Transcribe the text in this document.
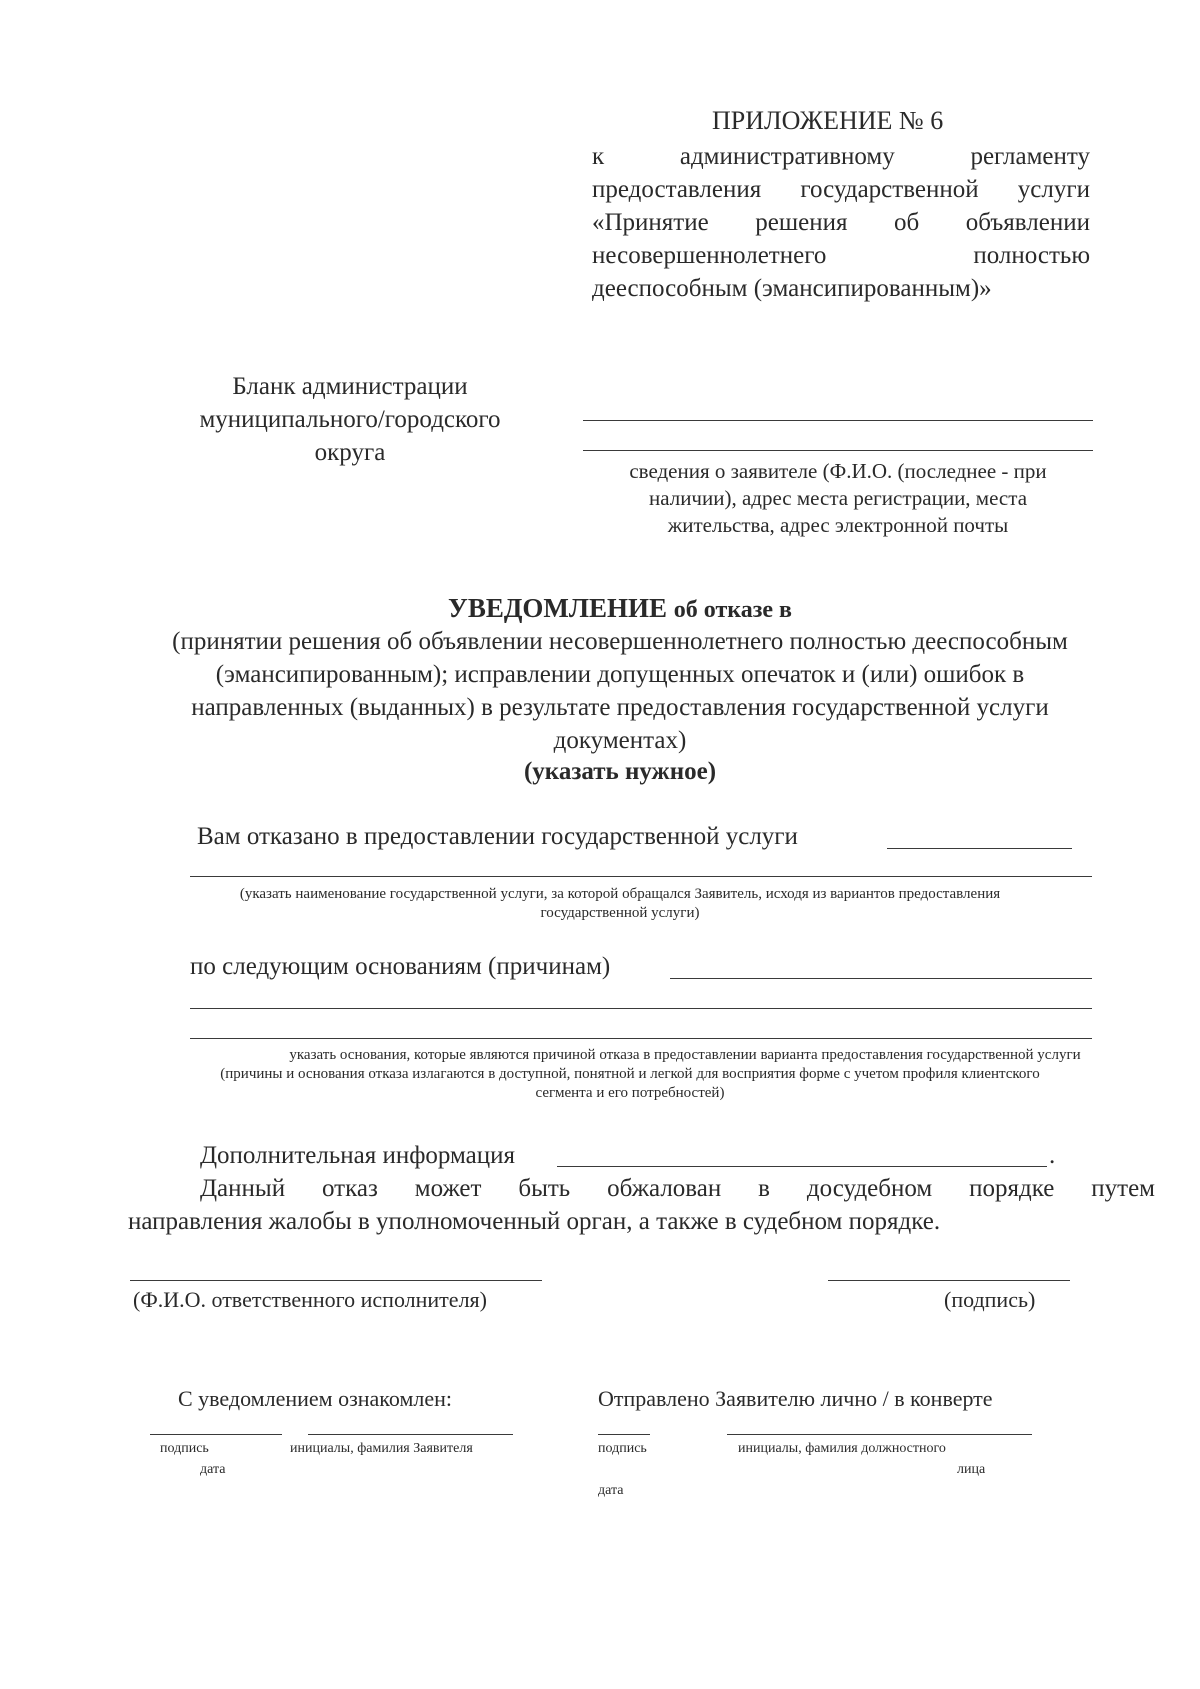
ПРИЛОЖЕНИЕ № 6
к административному регламенту
предоставления государственной услуги
«Принятие решения об объявлении
несовершеннолетнего полностью
дееспособным (эмансипированным)»
Бланк администрации
муниципального/городского
округа
сведения о заявителе (Ф.И.О. (последнее - при
наличии), адрес места регистрации, места
жительства, адрес электронной почты
УВЕДОМЛЕНИЕ об отказе в
(принятии решения об объявлении несовершеннолетнего полностью дееспособным
(эмансипированным); исправлении допущенных опечаток и (или) ошибок в
направленных (выданных) в результате предоставления государственной услуги
документах)
(указать нужное)
Вам отказано в предоставлении государственной услуги
(указать наименование государственной услуги, за которой обращался Заявитель, исходя из вариантов предоставления
государственной услуги)
по следующим основаниям (причинам)
указать основания, которые являются причиной отказа в предоставлении варианта предоставления государственной услуги
(причины и основания отказа излагаются в доступной, понятной и легкой для восприятия форме с учетом профиля клиентского
сегмента и его потребностей)
Дополнительная информация	.
Данный отказ может быть обжалован в досудебном порядке путем
направления жалобы в уполномоченный орган, а также в судебном порядке.
(Ф.И.О. ответственного исполнителя)	(подпись)
С уведомлением ознакомлен:
подпись	инициалы, фамилия Заявителя
дата
Отправлено Заявителю лично / в конверте
подпись	инициалы, фамилия должностного
лица
дата
